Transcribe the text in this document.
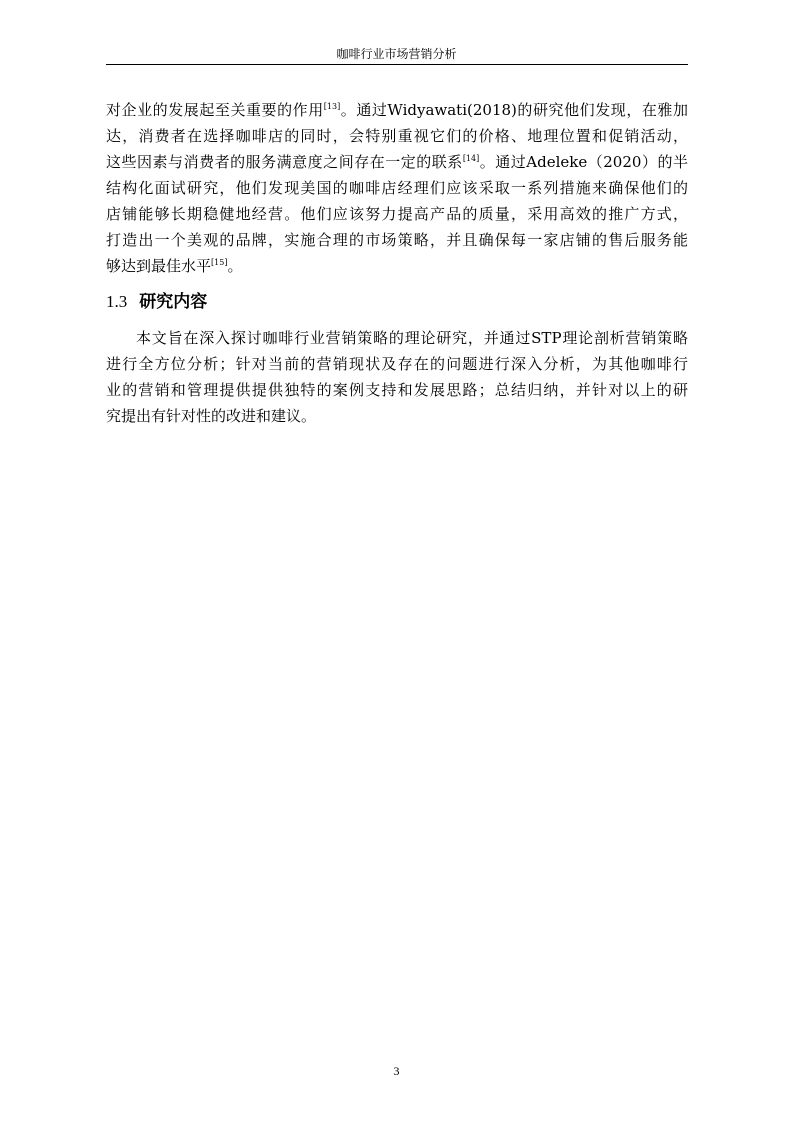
咖啡行业市场营销分析
对企业的发展起至关重要的作用[13]。通过Widyawati(2018)的研究他们发现，在雅加
达，消费者在选择咖啡店的同时，会特别重视它们的价格、地理位置和促销活动，
这些因素与消费者的服务满意度之间存在一定的联系[14]。通过Adeleke（2020）的半
结构化面试研究，他们发现美国的咖啡店经理们应该采取一系列措施来确保他们的
店铺能够长期稳健地经营。他们应该努力提高产品的质量，采用高效的推广方式，
打造出一个美观的品牌，实施合理的市场策略，并且确保每一家店铺的售后服务能
够达到最佳水平[15]。
1.3 研究内容
本文旨在深入探讨咖啡行业营销策略的理论研究，并通过STP理论剖析营销策略
进行全方位分析；针对当前的营销现状及存在的问题进行深入分析，为其他咖啡行
业的营销和管理提供提供独特的案例支持和发展思路；总结归纳，并针对以上的研
究提出有针对性的改进和建议。
3
